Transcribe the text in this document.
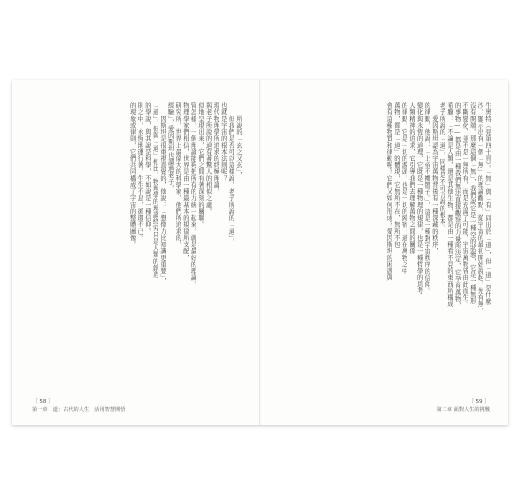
　　所說的「玄之又玄」，
　　但我們是否可以這樣說，老子所說的「道」，
也就是宇宙的根本法則呢？
現代物理學所追求的終極理論，
與老子所說的道有著驚人的相似之處。
似地呈現出來，它們之間有著深刻的關聯。
管怎樣，一個理論能夠把所有的力統一起來，就是最好的理論。
物理學家們相信，世界是由一種最基本的規律所支配，
研究所，世界上最偉大的科學家，他們所追求的，
經驗」，愛因斯坦也讀過老子，
　　因斯坦是很重視直覺的，他說：「想像力比知識更重要」，
「道」，但與「道」相比，物理學的理論終究只是人類的創造
的學說，與其說是科學，不如說是一種信仰。
則之中，永恆地運行著，生生不息，循環不已。
的現象或律則，它們共同構成了宇宙的整體圖像。
〔 58 〕
第一章　道：古代的人生　活用智慧開悟
生奧特（見第四十頁）。「無」與「有」同出於「道」，但「道」是什麼
沙，顯示出有一個「無」的理論觀點，從宇宙的最初開始說起，先有無，
沒有開端。那麼這個「無」，我們說它是一種空的狀態，它是一種無形
不斷變化，並不是一無所有，而是充滿了可能，宇宙萬物皆由此而生。
的事物——都是由一種我們無法直接觀察的力量所決定，它孕育萬物，
希臘：「不論是人類，還是其他生物，都是由一種看不見的東西所構成
老子所說的「道」，同樣是不可言說的根本。
　　愛因斯坦認為宇宙萬物背後有一種深藏的秩序，
的律動，他說：「上帝不擲骰子。」，這是一種對宇宙秩序的信仰。
變化與永恆的道理，它既是一種物理的規律，也是一種哲學的思考
人類精神的追求，它引導我們去理解萬物之間的關係
的律動，它是一切的源頭，也是一切的歸宿，道在萬物之中
萬物，都是「道」的體現，它無所不在，無所不包
會有這種物質和律動呢？它們又如何形成？愛因斯坦的困惑與

〔 59 〕
第二章 面對人生的挑戰
